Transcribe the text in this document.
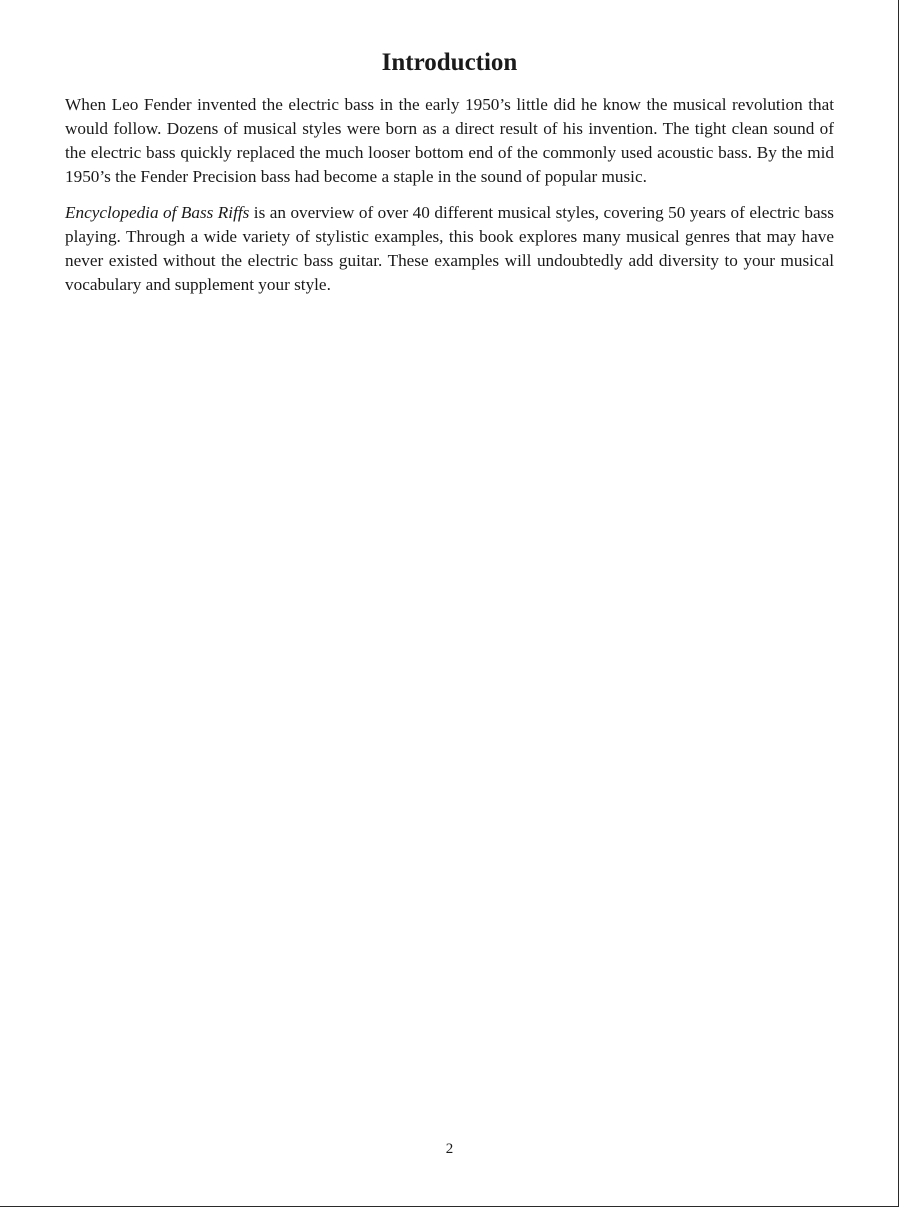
Introduction

When Leo Fender invented the electric bass in the early 1950’s little did he know the musical revolution that would follow. Dozens of musical styles were born as a direct result of his invention. The tight clean sound of the electric bass quickly replaced the much looser bottom end of the commonly used acoustic bass. By the mid 1950’s the Fender Precision bass had become a staple in the sound of popular music.

Encyclopedia of Bass Riffs is an overview of over 40 different musical styles, covering 50 years of electric bass playing. Through a wide variety of stylistic examples, this book explores many musical genres that may have never existed without the electric bass guitar. These examples will undoubtedly add diversity to your musical vocabulary and supplement your style.

2
